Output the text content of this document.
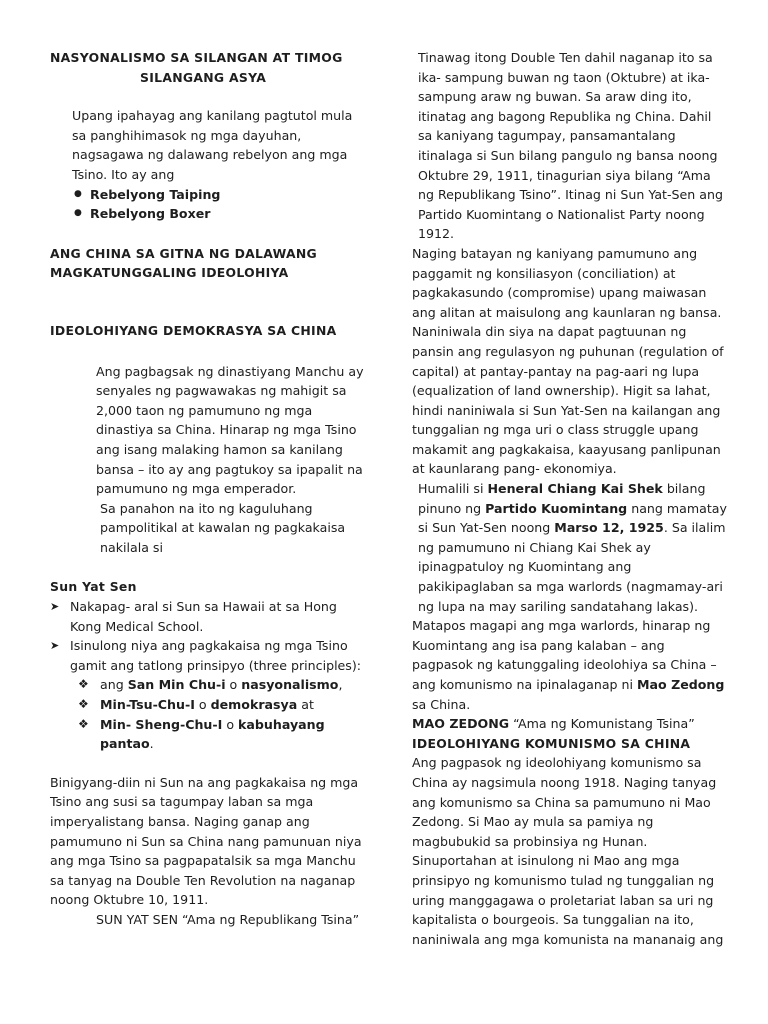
NASYONALISMO SA SILANGAN AT TIMOG
SILANGANG ASYA

Upang ipahayag ang kanilang pagtutol mula sa panghihimasok ng mga dayuhan, nagsagawa ng dalawang rebelyon ang mga Tsino. Ito ay ang

● Rebelyong Taiping
● Rebelyong Boxer
ANG CHINA SA GITNA NG DALAWANG MAGKATUNGGALING IDEOLOHIYA
IDEOLOHIYANG DEMOKRASYA SA CHINA

Ang pagbagsak ng dinastiyang Manchu ay senyales ng pagwawakas ng mahigit sa 2,000 taon ng pamumuno ng mga dinastiya sa China. Hinarap ng mga Tsino ang isang malaking hamon sa kanilang bansa – ito ay ang pagtukoy sa ipapalit na pamumuno ng mga emperador.

Sa panahon na ito ng kaguluhang pampolitikal at kawalan ng pagkakaisa nakilala si

Sun Yat Sen
➤ Nakapag- aral si Sun sa Hawaii at sa Hong Kong Medical School.
➤ Isinulong niya ang pagkakaisa ng mga Tsino gamit ang tatlong prinsipyo (three principles):
❖ ang San Min Chu-i o nasyonalismo,
❖ Min-Tsu-Chu-I o demokrasya at
❖ Min- Sheng-Chu-I o kabuhayang pantao.

Binigyang-diin ni Sun na ang pagkakaisa ng mga Tsino ang susi sa tagumpay laban sa mga imperyalistang bansa. Naging ganap ang pamumuno ni Sun sa China nang pamunuan niya ang mga Tsino sa pagpapatalsik sa mga Manchu sa tanyag na Double Ten Revolution na naganap noong Oktubre 10, 1911.

SUN YAT SEN “Ama ng Republikang Tsina”

Tinawag itong Double Ten dahil naganap ito sa ika- sampung buwan ng taon (Oktubre) at ika- sampung araw ng buwan. Sa araw ding ito, itinatag ang bagong Republika ng China. Dahil sa kaniyang tagumpay, pansamantalang itinalaga si Sun bilang pangulo ng bansa noong Oktubre 29, 1911, tinagurian siya bilang “Ama ng Republikang Tsino”. Itinag ni Sun Yat-Sen ang Partido Kuomintang o Nationalist Party noong 1912.

Naging batayan ng kaniyang pamumuno ang paggamit ng konsiliasyon (conciliation) at pagkakasundo (compromise) upang maiwasan ang alitan at maisulong ang kaunlaran ng bansa. Naniniwala din siya na dapat pagtuunan ng pansin ang regulasyon ng puhunan (regulation of capital) at pantay-pantay na pag-aari ng lupa (equalization of land ownership). Higit sa lahat, hindi naniniwala si Sun Yat-Sen na kailangan ang tunggalian ng mga uri o class struggle upang makamit ang pagkakaisa, kaayusang panlipunan at kaunlarang pang- ekonomiya.

Humalili si Heneral Chiang Kai Shek bilang pinuno ng Partido Kuomintang nang mamatay si Sun Yat-Sen noong Marso 12, 1925. Sa ilalim ng pamumuno ni Chiang Kai Shek ay ipinagpatuloy ng Kuomintang ang pakikipaglaban sa mga warlords (nagmamay-ari ng lupa na may sariling sandatahang lakas).

Matapos magapi ang mga warlords, hinarap ng Kuomintang ang isa pang kalaban – ang pagpasok ng katunggaling ideolohiya sa China – ang komunismo na ipinalaganap ni Mao Zedong sa China.

MAO ZEDONG “Ama ng Komunistang Tsina”

IDEOLOHIYANG KOMUNISMO SA CHINA

Ang pagpasok ng ideolohiyang komunismo sa China ay nagsimula noong 1918. Naging tanyag ang komunismo sa China sa pamumuno ni Mao Zedong. Si Mao ay mula sa pamiya ng magbubukid sa probinsiya ng Hunan. Sinuportahan at isinulong ni Mao ang mga prinsipyo ng komunismo tulad ng tunggalian ng uring manggagawa o proletariat laban sa uri ng kapitalista o bourgeois. Sa tunggalian na ito, naniniwala ang mga komunista na mananaig ang
